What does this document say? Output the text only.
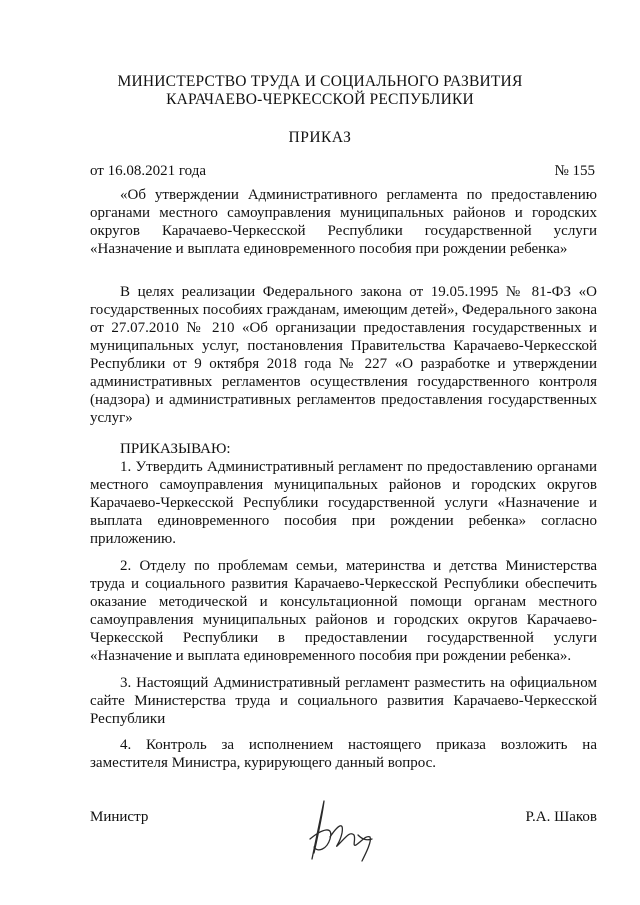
МИНИСТЕРСТВО ТРУДА И СОЦИАЛЬНОГО РАЗВИТИЯ
КАРАЧАЕВО-ЧЕРКЕССКОЙ РЕСПУБЛИКИ
ПРИКАЗ
от 16.08.2021 года	№ 155

«Об утверждении Административного регламента по предоставлению органами местного самоуправления муниципальных районов и городских округов Карачаево-Черкесской Республики государственной услуги «Назначение и выплата единовременного пособия при рождении ребенка»

В целях реализации Федерального закона от 19.05.1995 № 81-ФЗ «О государственных пособиях гражданам, имеющим детей», Федерального закона от 27.07.2010 № 210 «Об организации предоставления государственных и муниципальных услуг, постановления Правительства Карачаево-Черкесской Республики от 9 октября 2018 года № 227 «О разработке и утверждении административных регламентов осуществления государственного контроля (надзора) и административных регламентов предоставления государственных услуг»

ПРИКАЗЫВАЮ:

1. Утвердить Административный регламент по предоставлению органами местного самоуправления муниципальных районов и городских округов Карачаево-Черкесской Республики государственной услуги «Назначение и выплата единовременного пособия при рождении ребенка» согласно приложению.

2. Отделу по проблемам семьи, материнства и детства Министерства труда и социального развития Карачаево-Черкесской Республики обеспечить оказание методической и консультационной помощи органам местного самоуправления муниципальных районов и городских округов Карачаево-Черкесской Республики в предоставлении государственной услуги «Назначение и выплата единовременного пособия при рождении ребенка».

3. Настоящий Административный регламент разместить на официальном сайте Министерства труда и социального развития Карачаево-Черкесской Республики

4. Контроль за исполнением настоящего приказа возложить на заместителя Министра, курирующего данный вопрос.

Министр	Р.А. Шаков
